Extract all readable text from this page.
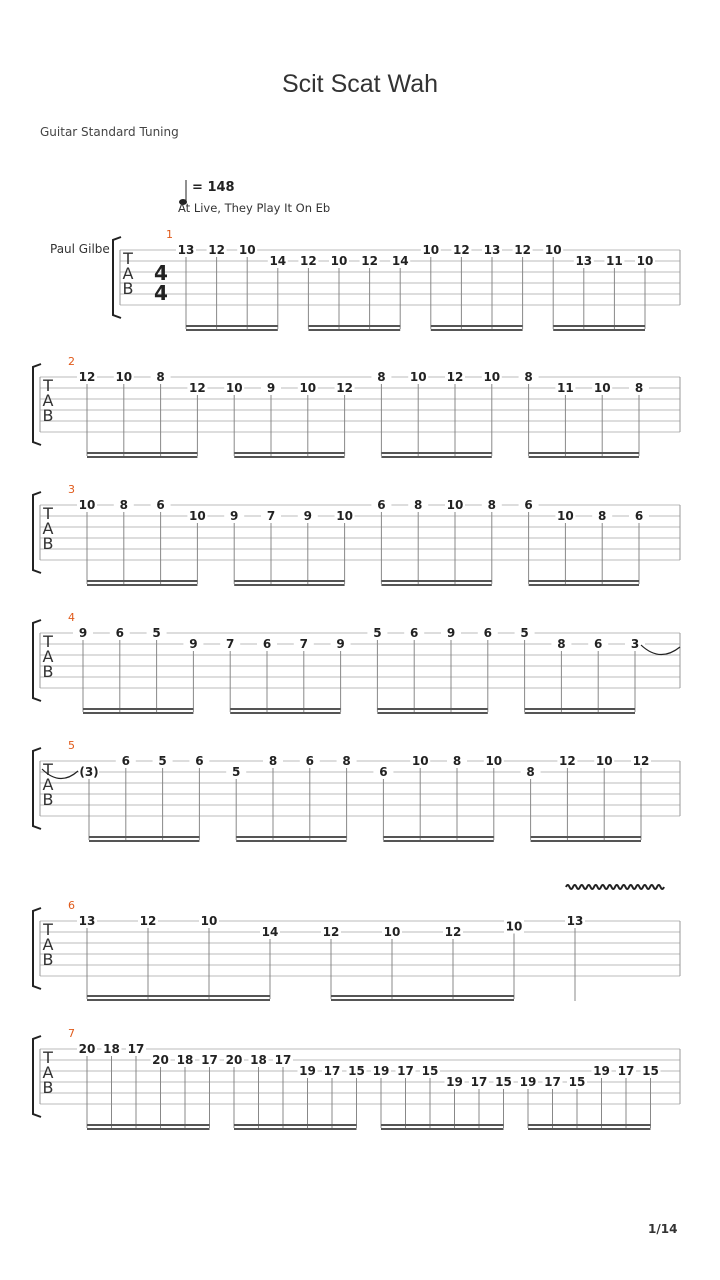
Scit Scat Wah
Guitar Standard Tuning
= 148
At Live, They Play It On Eb
T
A
B
1
Paul Gilbe
4
4
13 12 10
14 12 10 12 14
10 12 13 12 10
13 11 10
T
A
B
2
12 10 8
12 10 9 10 12
8 10 12 10 8
11 10 8
T
A
B
3
10 8 6
10 9 7 9 10
6 8 10 8 6
10 8 6
T
A
B
4
9 6 5
9 7 6 7 9
5 6 9 6 5
8 6 3
T
A
B
5
(3)
6 5 6
5
8 6 8
6
10 8 10
8
12 10 12
T
A
B
6
13	12	10
14	12	10	12	10	13
T
A
B
7
20 18 17
20 18 17 20 18 17
19 17 15 19 17 15
19 17 15 19 17 15
19 17 15
1/14
